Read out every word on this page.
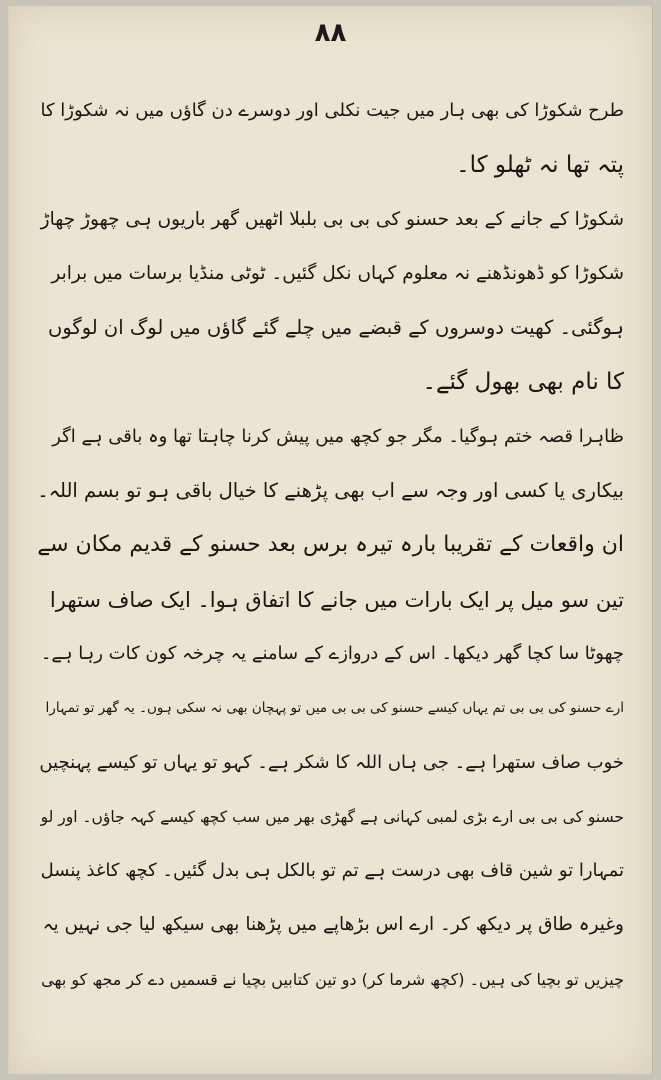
٨٨
طرح شکوڑا کی بھی ہار میں جیت نکلی اور دوسرے دن گاؤں میں نہ شکوڑا کا
پتہ تھا نہ ٹھلو کا۔
شکوڑا کے جانے کے بعد حسنو کی بی بی بلبلا اٹھیں گھر باریوں ہی چھوڑ چھاڑ
شکوڑا کو ڈھونڈھنے نہ معلوم کہاں نکل گئیں۔ ٹوٹی منڈیا برسات میں برابر
ہوگئی۔ کھیت دوسروں کے قبضے میں چلے گئے گاؤں میں لوگ ان لوگوں
کا نام بھی بھول گئے۔
ظاہرا قصہ ختم ہوگیا۔ مگر جو کچھ میں پیش کرنا چاہتا تھا وہ باقی ہے اگر
بیکاری یا کسی اور وجہ سے اب بھی پڑھنے کا خیال باقی ہو تو بسم اللہ۔
ان واقعات کے تقریبا بارہ تیرہ برس بعد حسنو کے قدیم مکان سے
تین سو میل پر ایک بارات میں جانے کا اتفاق ہوا۔ ایک صاف ستھرا
چھوٹا سا کچا گھر دیکھا۔ اس کے دروازے کے سامنے یہ چرخہ کون کات رہا ہے۔
ارے حسنو کی بی بی تم یہاں کیسے حسنو کی بی بی میں تو پہچان بھی نہ سکی ہوں۔ یہ گھر تو تمہارا
خوب صاف ستھرا ہے۔ جی ہاں اللہ کا شکر ہے۔ کہو تو یہاں تو کیسے پہنچیں
حسنو کی بی بی ارے بڑی لمبی کہانی ہے گھڑی بھر میں سب کچھ کیسے کہہ جاؤں۔ اور لو
تمہارا تو شین قاف بھی درست ہے تم تو بالکل ہی بدل گئیں۔ کچھ کاغذ پنسل
وغیرہ طاق پر دیکھ کر۔ ارے اس بڑھاپے میں پڑھنا بھی سیکھ لیا جی نہیں یہ
چیزیں تو بچیا کی ہیں۔ (کچھ شرما کر) دو تین کتابیں بچیا نے قسمیں دے کر مجھ کو بھی
